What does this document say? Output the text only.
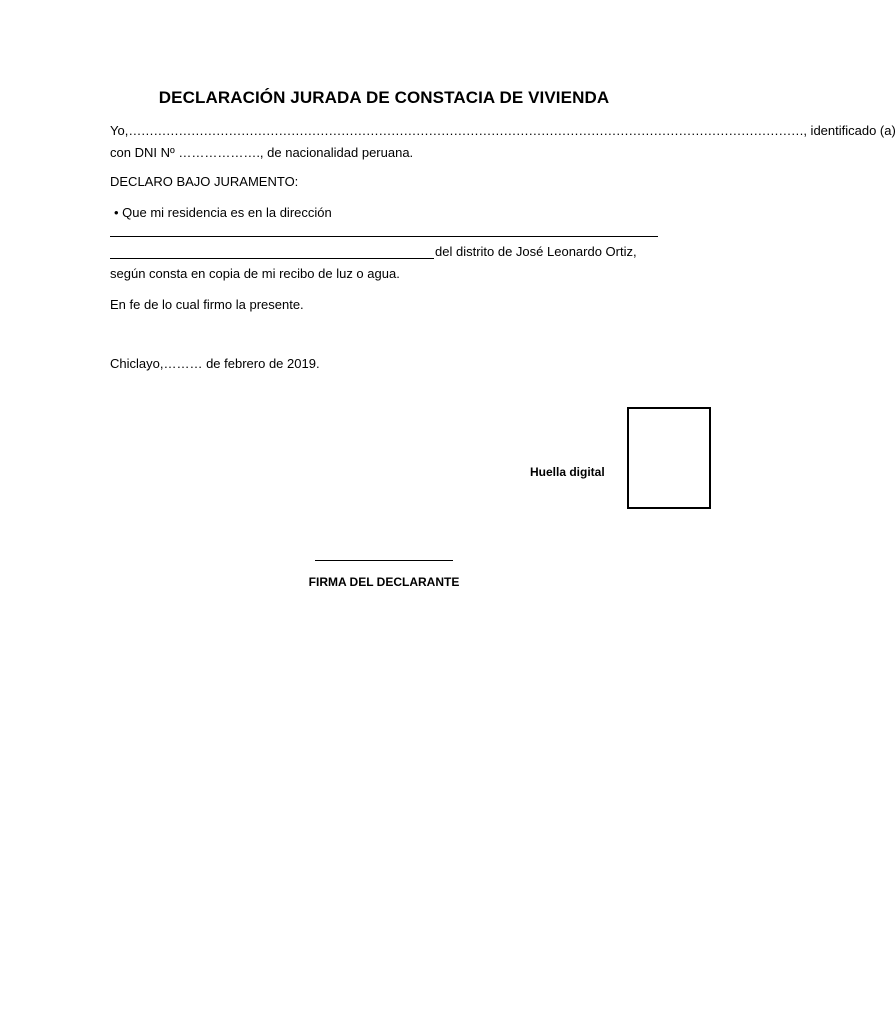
DECLARACIÓN JURADA DE CONSTACIA DE VIVIENDA
Yo, ……………………………………………………………………………………………………………………………………………… , identificado (a)
con DNI Nº ………………., de nacionalidad peruana.
DECLARO BAJO JURAMENTO:
• Que mi residencia es en la dirección
del distrito de José Leonardo Ortiz,
según consta en copia de mi recibo de luz o agua.
En fe de lo cual firmo la presente.
Chiclayo,……… de febrero de 2019.
Huella digital
FIRMA DEL DECLARANTE
